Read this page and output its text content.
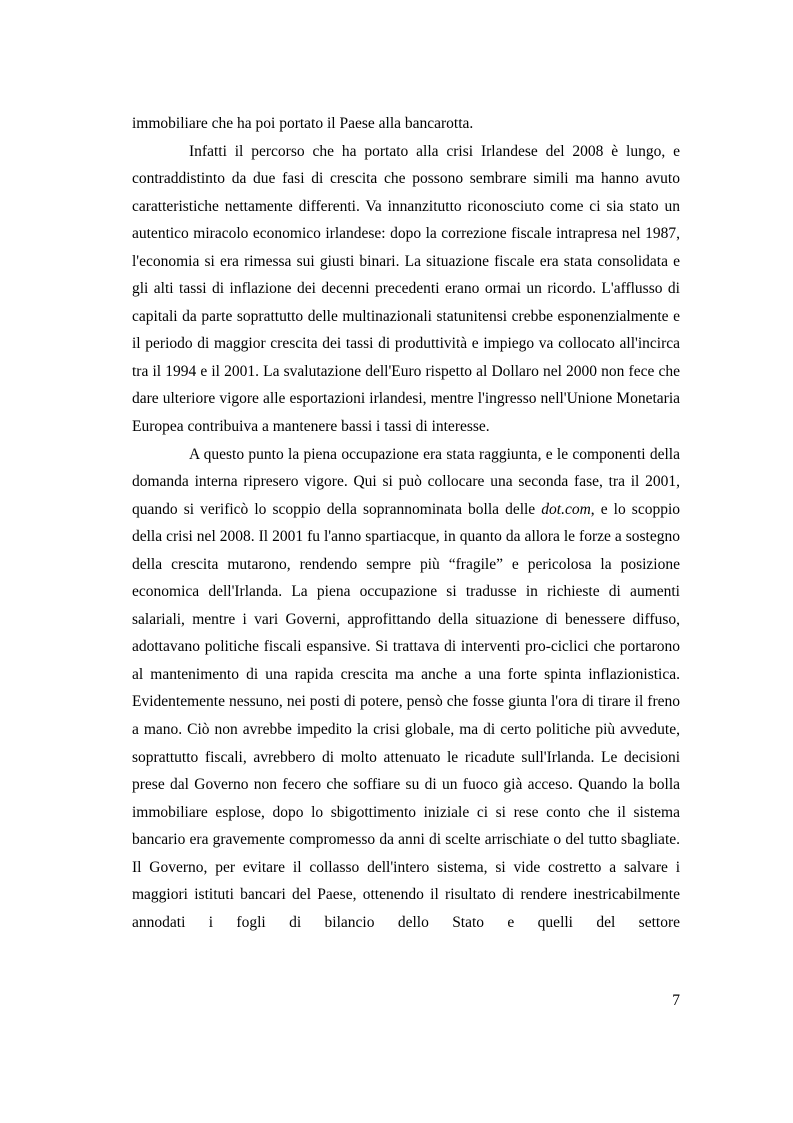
immobiliare che ha poi portato il Paese alla bancarotta.

Infatti il percorso che ha portato alla crisi Irlandese del 2008 è lungo, e contraddistinto da due fasi di crescita che possono sembrare simili ma hanno avuto caratteristiche nettamente differenti. Va innanzitutto riconosciuto come ci sia stato un autentico miracolo economico irlandese: dopo la correzione fiscale intrapresa nel 1987, l'economia si era rimessa sui giusti binari. La situazione fiscale era stata consolidata e gli alti tassi di inflazione dei decenni precedenti erano ormai un ricordo. L'afflusso di capitali da parte soprattutto delle multinazionali statunitensi crebbe esponenzialmente e il periodo di maggior crescita dei tassi di produttività e impiego va collocato all'incirca tra il 1994 e il 2001. La svalutazione dell'Euro rispetto al Dollaro nel 2000 non fece che dare ulteriore vigore alle esportazioni irlandesi, mentre l'ingresso nell'Unione Monetaria Europea contribuiva a mantenere bassi i tassi di interesse.

A questo punto la piena occupazione era stata raggiunta, e le componenti della domanda interna ripresero vigore. Qui si può collocare una seconda fase, tra il 2001, quando si verificò lo scoppio della soprannominata bolla delle dot.com, e lo scoppio della crisi nel 2008. Il 2001 fu l'anno spartiacque, in quanto da allora le forze a sostegno della crescita mutarono, rendendo sempre più “fragile” e pericolosa la posizione economica dell'Irlanda. La piena occupazione si tradusse in richieste di aumenti salariali, mentre i vari Governi, approfittando della situazione di benessere diffuso, adottavano politiche fiscali espansive. Si trattava di interventi pro-ciclici che portarono al mantenimento di una rapida crescita ma anche a una forte spinta inflazionistica. Evidentemente nessuno, nei posti di potere, pensò che fosse giunta l'ora di tirare il freno a mano. Ciò non avrebbe impedito la crisi globale, ma di certo politiche più avvedute, soprattutto fiscali, avrebbero di molto attenuato le ricadute sull'Irlanda. Le decisioni prese dal Governo non fecero che soffiare su di un fuoco già acceso. Quando la bolla immobiliare esplose, dopo lo sbigottimento iniziale ci si rese conto che il sistema bancario era gravemente compromesso da anni di scelte arrischiate o del tutto sbagliate. Il Governo, per evitare il collasso dell'intero sistema, si vide costretto a salvare i maggiori istituti bancari del Paese, ottenendo il risultato di rendere inestricabilmente annodati i fogli di bilancio dello Stato e quelli del settore

7
